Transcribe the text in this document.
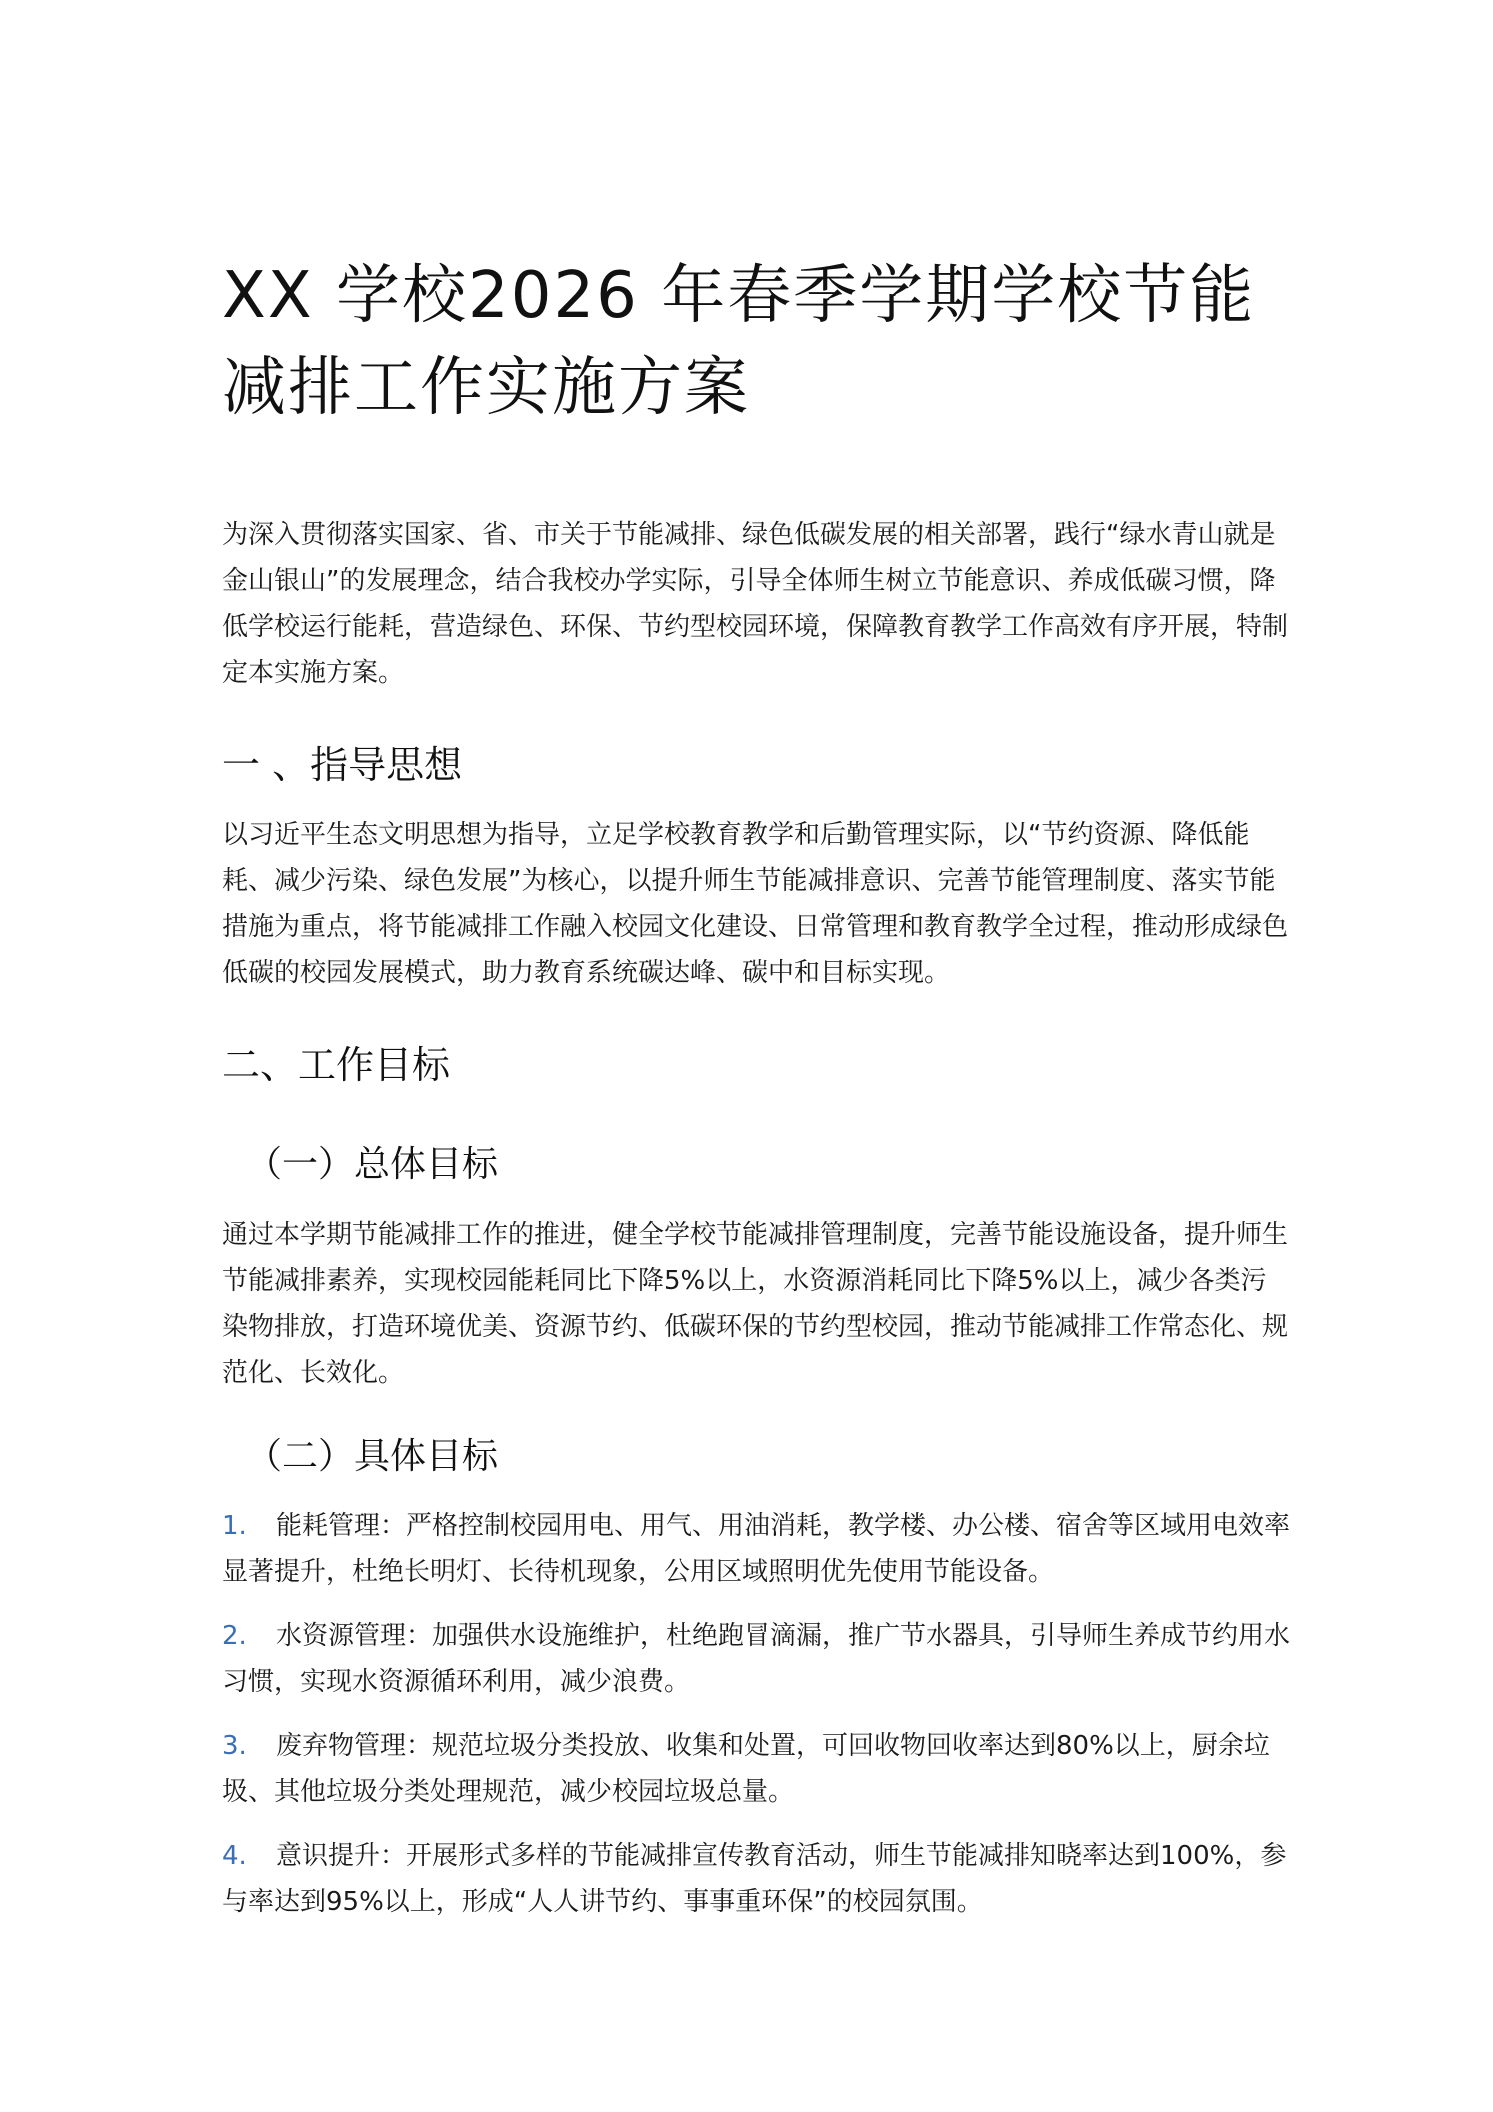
XX 学校2026 年春季学期学校节能减排工作实施方案

为深入贯彻落实国家、省、市关于节能减排、绿色低碳发展的相关部署，践行“绿水青山就是金山银山”的发展理念，结合我校办学实际，引导全体师生树立节能意识、养成低碳习惯，降低学校运行能耗，营造绿色、环保、节约型校园环境，保障教育教学工作高效有序开展，特制定本实施方案。

一 、指导思想

以习近平生态文明思想为指导，立足学校教育教学和后勤管理实际，以“节约资源、降低能耗、减少污染、绿色发展”为核心，以提升师生节能减排意识、完善节能管理制度、落实节能措施为重点，将节能减排工作融入校园文化建设、日常管理和教育教学全过程，推动形成绿色低碳的校园发展模式，助力教育系统碳达峰、碳中和目标实现。

二、工作目标
（一）总体目标

通过本学期节能减排工作的推进，健全学校节能减排管理制度，完善节能设施设备，提升师生节能减排素养，实现校园能耗同比下降5%以上，水资源消耗同比下降5%以上，减少各类污染物排放，打造环境优美、资源节约、低碳环保的节约型校园，推动节能减排工作常态化、规范化、长效化。

（二）具体目标
1. 能耗管理：严格控制校园用电、用气、用油消耗，教学楼、办公楼、宿舍等区域用电效率显著提升，杜绝长明灯、长待机现象，公用区域照明优先使用节能设备。
2. 水资源管理：加强供水设施维护，杜绝跑冒滴漏，推广节水器具，引导师生养成节约用水习惯，实现水资源循环利用，减少浪费。
3. 废弃物管理：规范垃圾分类投放、收集和处置，可回收物回收率达到80%以上，厨余垃圾、其他垃圾分类处理规范，减少校园垃圾总量。
4. 意识提升：开展形式多样的节能减排宣传教育活动，师生节能减排知晓率达到100%，参与率达到95%以上，形成“人人讲节约、事事重环保”的校园氛围。
